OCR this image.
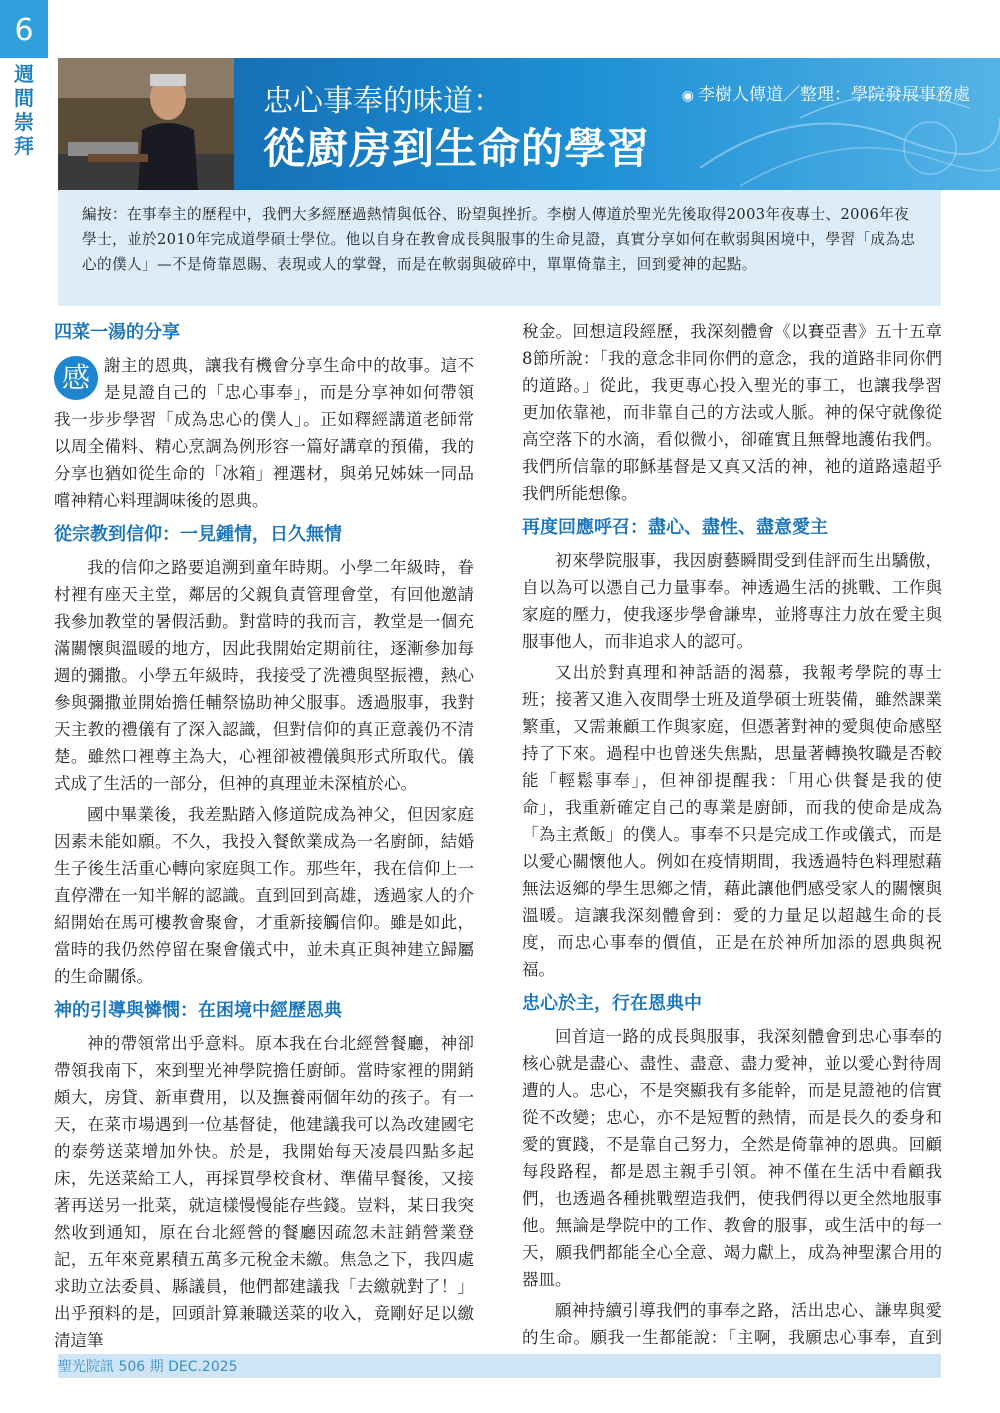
6
週
間
崇
拜
忠心事奉的味道：
從廚房到生命的學習
◉ 李樹人傳道／整理：學院發展事務處
編按：在事奉主的歷程中，我們大多經歷過熱情與低谷、盼望與挫折。李樹人傳道於聖光先後取得2003年夜專士、2006年夜學士，並於2010年完成道學碩士學位。他以自身在教會成長與服事的生命見證，真實分享如何在軟弱與困境中，學習「成為忠心的僕人」—不是倚靠恩賜、表現或人的掌聲，而是在軟弱與破碎中，單單倚靠主，回到愛神的起點。
四菜一湯的分享

感 謝主的恩典，讓我有機會分享生命中的故事。這不是見證自己的「忠心事奉」，而是分享神如何帶領我一步步學習「成為忠心的僕人」。正如釋經講道老師常以周全備料、精心烹調為例形容一篇好講章的預備，我的分享也猶如從生命的「冰箱」裡選材，與弟兄姊妹一同品嚐神精心料理調味後的恩典。

從宗教到信仰：一見鍾情，日久無情

我的信仰之路要追溯到童年時期。小學二年級時，眷村裡有座天主堂，鄰居的父親負責管理會堂，有回他邀請我參加教堂的暑假活動。對當時的我而言，教堂是一個充滿關懷與溫暖的地方，因此我開始定期前往，逐漸參加每週的彌撒。小學五年級時，我接受了洗禮與堅振禮，熱心參與彌撒並開始擔任輔祭協助神父服事。透過服事，我對天主教的禮儀有了深入認識，但對信仰的真正意義仍不清楚。雖然口裡尊主為大，心裡卻被禮儀與形式所取代。儀式成了生活的一部分，但神的真理並未深植於心。

國中畢業後，我差點踏入修道院成為神父，但因家庭因素未能如願。不久，我投入餐飲業成為一名廚師，結婚生子後生活重心轉向家庭與工作。那些年，我在信仰上一直停滯在一知半解的認識。直到回到高雄，透過家人的介紹開始在馬可樓教會聚會，才重新接觸信仰。雖是如此，當時的我仍然停留在聚會儀式中，並未真正與神建立歸屬的生命關係。

神的引導與憐憫：在困境中經歷恩典

神的帶領常出乎意料。原本我在台北經營餐廳，神卻帶領我南下，來到聖光神學院擔任廚師。當時家裡的開銷頗大，房貸、新車費用，以及撫養兩個年幼的孩子。有一天，在菜市場遇到一位基督徒，他建議我可以為改建國宅的泰勞送菜增加外快。於是，我開始每天凌晨四點多起床，先送菜給工人，再採買學校食材、準備早餐後，又接著再送另一批菜，就這樣慢慢能存些錢。豈料，某日我突然收到通知，原在台北經營的餐廳因疏忽未註銷營業登記，五年來竟累積五萬多元稅金未繳。焦急之下，我四處求助立法委員、縣議員，他們都建議我「去繳就對了！」出乎預料的是，回頭計算兼職送菜的收入，竟剛好足以繳清這筆

稅金。回想這段經歷，我深刻體會《以賽亞書》五十五章8節所說：「我的意念非同你們的意念，我的道路非同你們的道路。」從此，我更專心投入聖光的事工，也讓我學習更加依靠祂，而非靠自己的方法或人脈。神的保守就像從高空落下的水滴，看似微小，卻確實且無聲地護佑我們。我們所信靠的耶穌基督是又真又活的神，祂的道路遠超乎我們所能想像。

再度回應呼召：盡心、盡性、盡意愛主

初來學院服事，我因廚藝瞬間受到佳評而生出驕傲，自以為可以憑自己力量事奉。神透過生活的挑戰、工作與家庭的壓力，使我逐步學會謙卑，並將專注力放在愛主與服事他人，而非追求人的認可。

又出於對真理和神話語的渴慕，我報考學院的專士班；接著又進入夜間學士班及道學碩士班裝備，雖然課業繁重，又需兼顧工作與家庭，但憑著對神的愛與使命感堅持了下來。過程中也曾迷失焦點，思量著轉換牧職是否較能「輕鬆事奉」，但神卻提醒我：「用心供餐是我的使命」，我重新確定自己的專業是廚師，而我的使命是成為「為主煮飯」的僕人。事奉不只是完成工作或儀式，而是以愛心關懷他人。例如在疫情期間，我透過特色料理慰藉無法返鄉的學生思鄉之情，藉此讓他們感受家人的關懷與溫暖。這讓我深刻體會到：愛的力量足以超越生命的長度，而忠心事奉的價值，正是在於神所加添的恩典與祝福。

忠心於主，行在恩典中

回首這一路的成長與服事，我深刻體會到忠心事奉的核心就是盡心、盡性、盡意、盡力愛神，並以愛心對待周遭的人。忠心，不是突顯我有多能幹，而是見證祂的信實從不改變；忠心，亦不是短暫的熱情，而是長久的委身和愛的實踐，不是靠自己努力，全然是倚靠神的恩典。回顧每段路程，都是恩主親手引領。神不僅在生活中看顧我們，也透過各種挑戰塑造我們，使我們得以更全然地服事他。無論是學院中的工作、教會的服事，或生活中的每一天，願我們都能全心全意、竭力獻上，成為神聖潔合用的器皿。

願神持續引導我們的事奉之路，活出忠心、謙卑與愛的生命。願我一生都能說：「主啊，我願忠心事奉，直到

聖光院訊 506 期 DEC.2025
